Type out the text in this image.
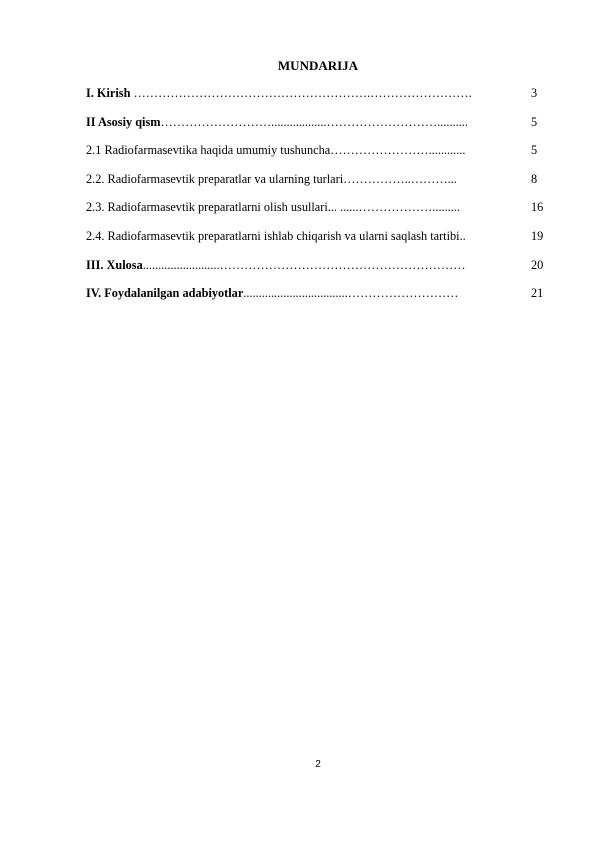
MUNDARIJA
I. Kirish ………………………………………………….…………………….	3
II Asosiy qism………………………..................………………………..........	5
2.1 Radiofarmasevtika haqida umumiy tushuncha……………………............	5
2.2. Radiofarmasevtik preparatlar va ularning turlari……………..………...	8
2.3. Radiofarmasevtik preparatlarni olish usullari... ......……………….........	16
2.4. Radiofarmasevtik preparatlarni ishlab chiqarish va ularni saqlash tartibi..	19
III. Xulosa.........................……………………………………………………	20
IV. Foydalanilgan adabiyotlar..................................………………………	21
2
